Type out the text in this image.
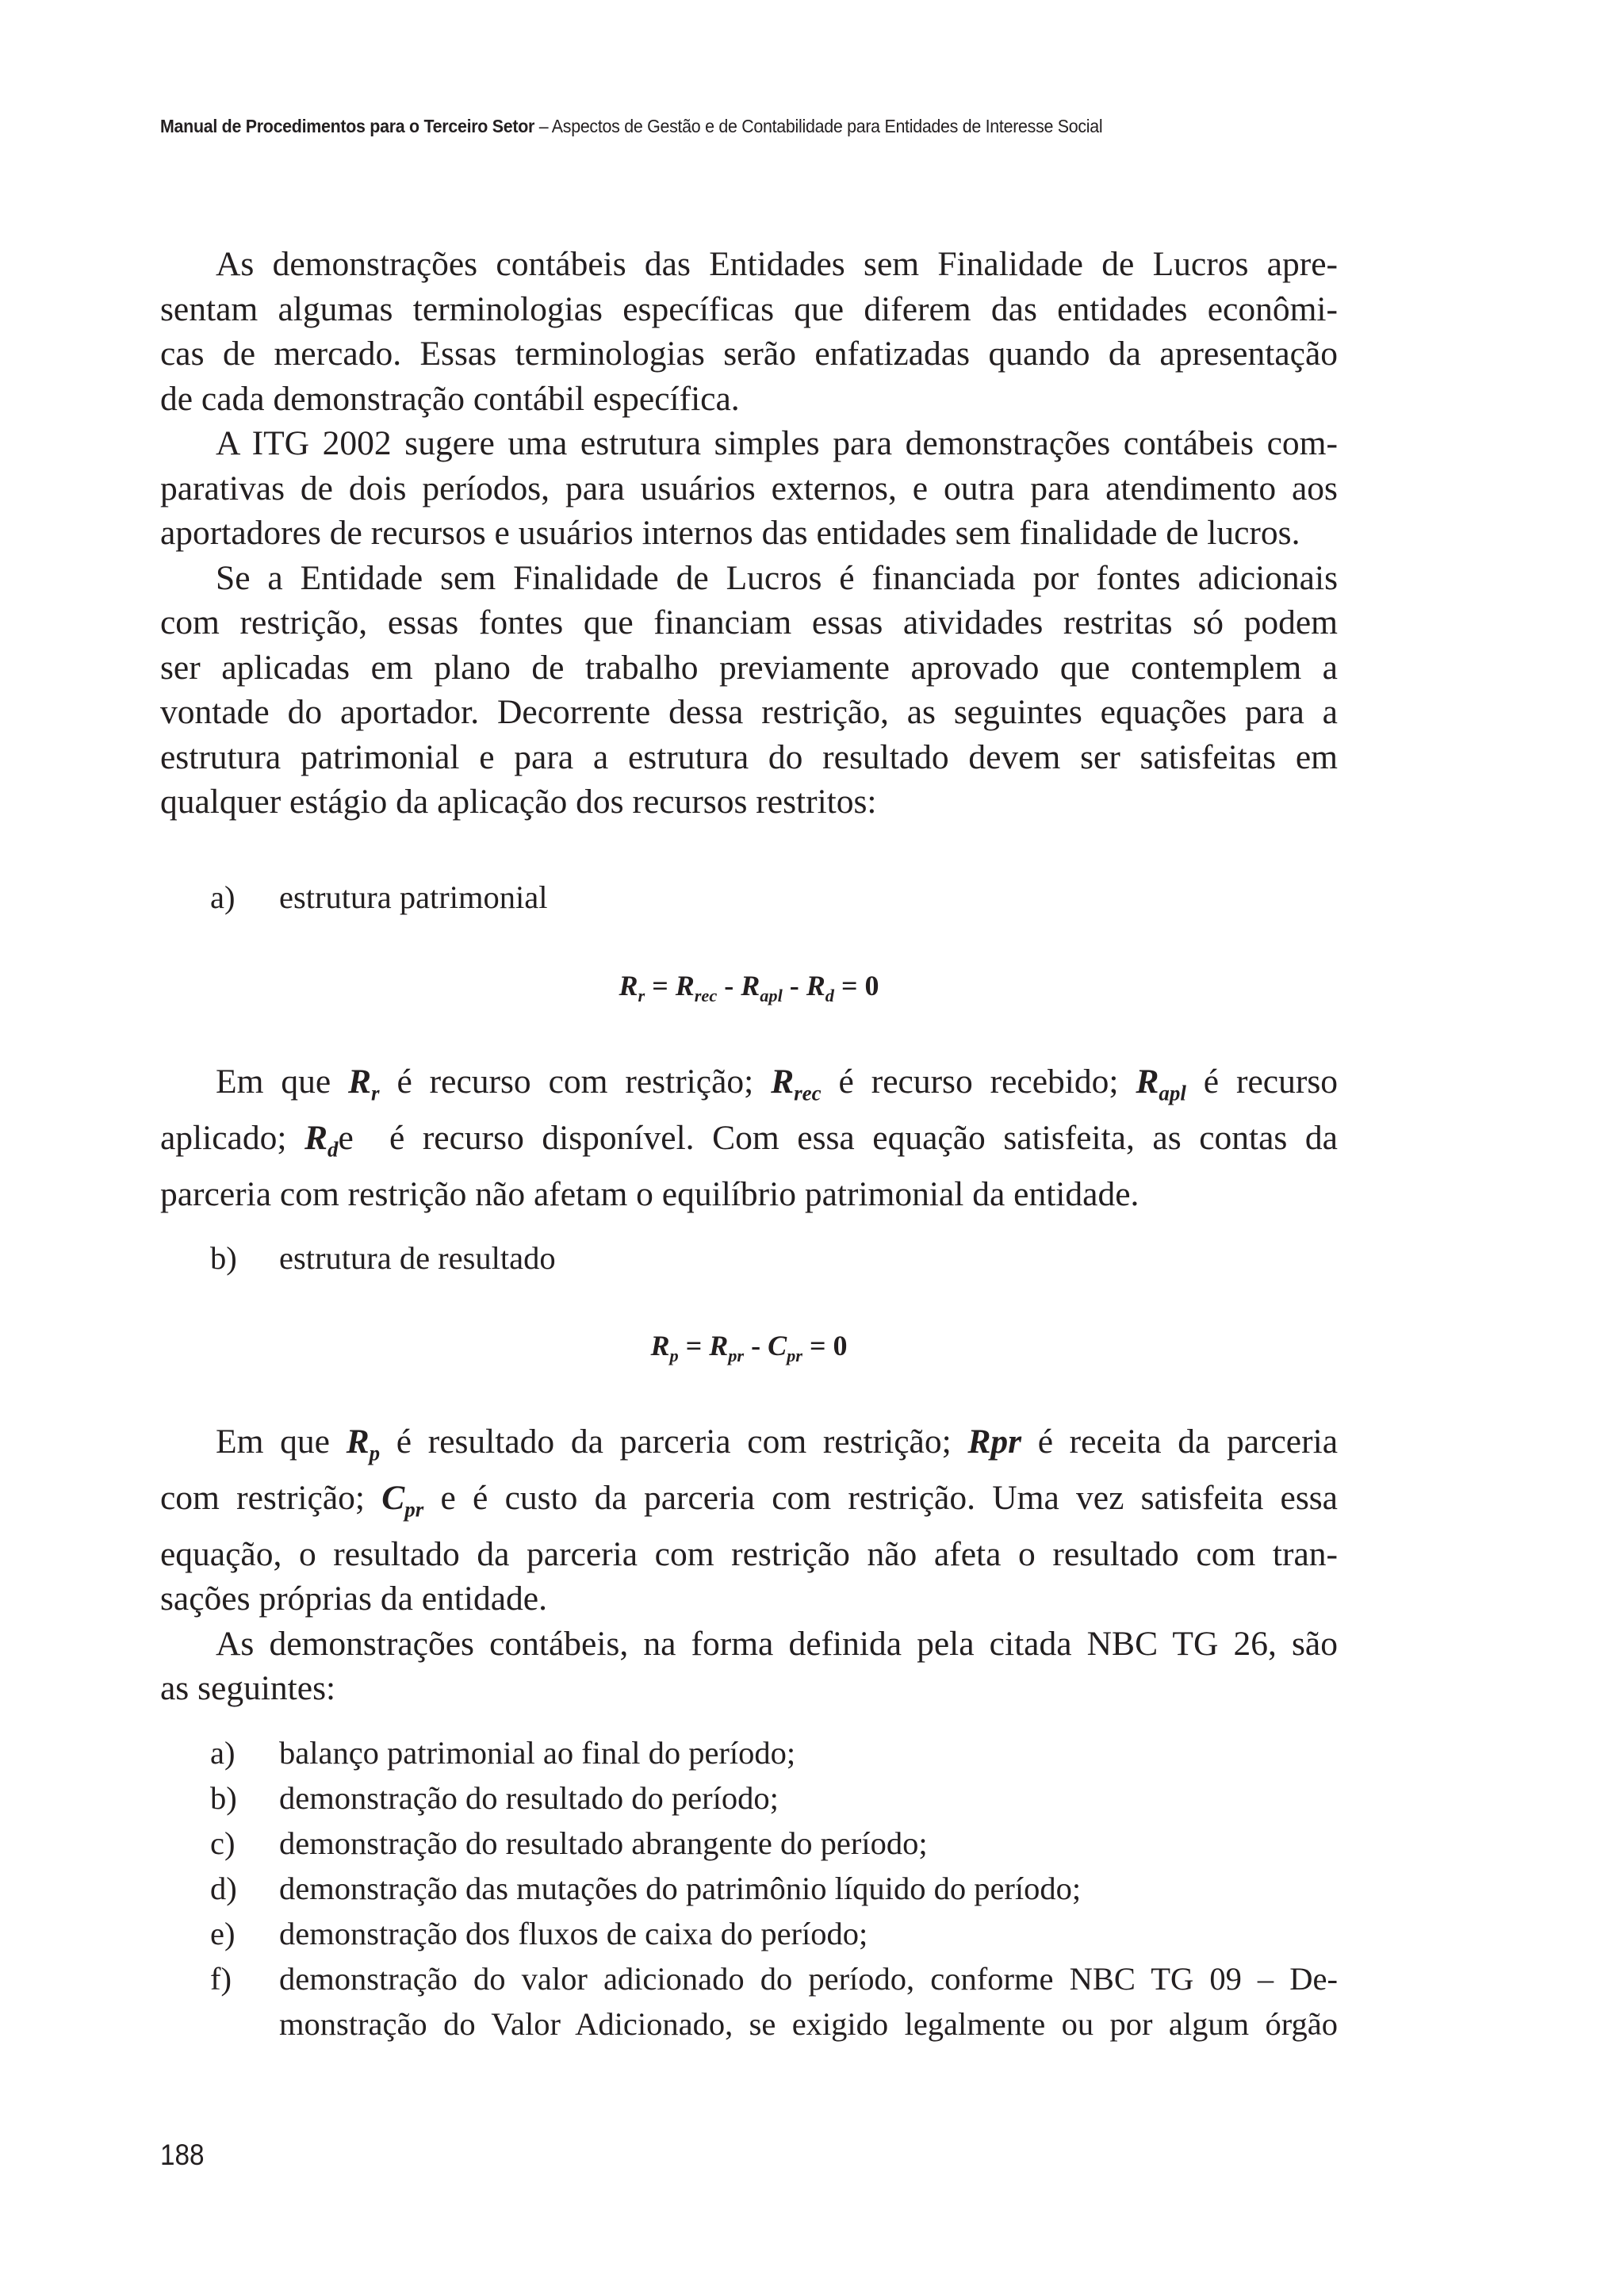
Manual de Procedimentos para o Terceiro Setor – Aspectos de Gestão e de Contabilidade para Entidades de Interesse Social
As demonstrações contábeis das Entidades sem Finalidade de Lucros apre-
sentam algumas terminologias específicas que diferem das entidades econômi-
cas de mercado. Essas terminologias serão enfatizadas quando da apresentação
de cada demonstração contábil específica.
A ITG 2002 sugere uma estrutura simples para demonstrações contábeis com-
parativas de dois períodos, para usuários externos, e outra para atendimento aos
aportadores de recursos e usuários internos das entidades sem finalidade de lucros.
Se a Entidade sem Finalidade de Lucros é financiada por fontes adicionais
com restrição, essas fontes que financiam essas atividades restritas só podem
ser aplicadas em plano de trabalho previamente aprovado que contemplem a
vontade do aportador. Decorrente dessa restrição, as seguintes equações para a
estrutura patrimonial e para a estrutura do resultado devem ser satisfeitas em
qualquer estágio da aplicação dos recursos restritos:
a) estrutura patrimonial
$R_r = R_{rec} - R_{apl} - R_d = 0$
Em que $R_r$ é recurso com restrição; $R_{rec}$ é recurso recebido; $R_{apl}$ é recurso
aplicado; $R_de$  é recurso disponível. Com essa equação satisfeita, as contas da
parceria com restrição não afetam o equilíbrio patrimonial da entidade.
b) estrutura de resultado
$R_p = R_{pr} - C_{pr} = 0$
Em que $R_p$ é resultado da parceria com restrição; Rpr é receita da parceria
com restrição; $C_{pr}$ e é custo da parceria com restrição. Uma vez satisfeita essa
equação, o resultado da parceria com restrição não afeta o resultado com tran-
sações próprias da entidade.
As demonstrações contábeis, na forma definida pela citada NBC TG 26, são
as seguintes:
a) balanço patrimonial ao final do período;
b) demonstração do resultado do período;
c) demonstração do resultado abrangente do período;
d) demonstração das mutações do patrimônio líquido do período;
e) demonstração dos fluxos de caixa do período;
f) demonstração do valor adicionado do período, conforme NBC TG 09 – De-
monstração do Valor Adicionado, se exigido legalmente ou por algum órgão
188
